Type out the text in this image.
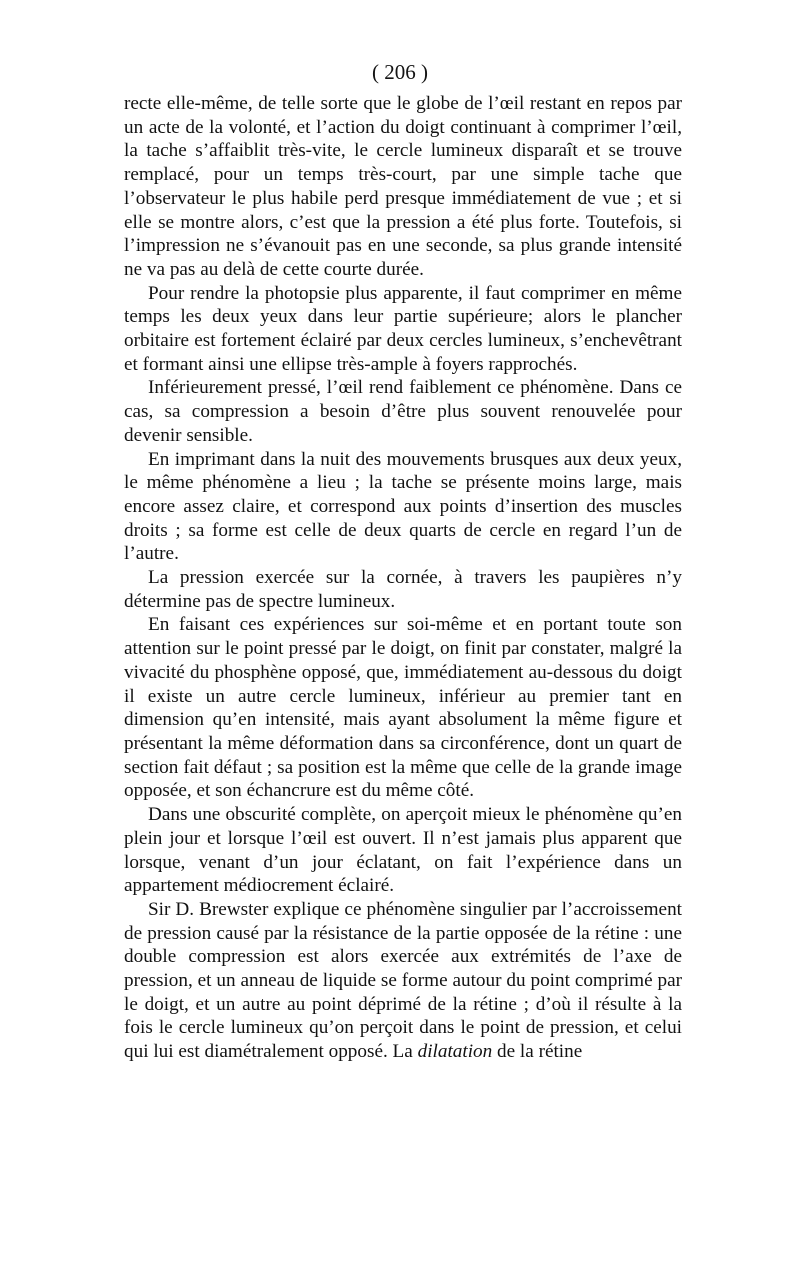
( 206 )

recte elle-même, de telle sorte que le globe de l’œil restant en repos par un acte de la volonté, et l’action du doigt continuant à comprimer l’œil, la tache s’affaiblit très-vite, le cercle lumineux disparaît et se trouve remplacé, pour un temps très-court, par une simple tache que l’observateur le plus habile perd presque immédiatement de vue ; et si elle se montre alors, c’est que la pression a été plus forte. Toutefois, si l’impression ne s’évanouit pas en une seconde, sa plus grande intensité ne va pas au delà de cette courte durée.

Pour rendre la photopsie plus apparente, il faut comprimer en même temps les deux yeux dans leur partie supérieure; alors le plancher orbitaire est fortement éclairé par deux cercles lumineux, s’enchevêtrant et formant ainsi une ellipse très-ample à foyers rapprochés.

Inférieurement pressé, l’œil rend faiblement ce phénomène. Dans ce cas, sa compression a besoin d’être plus souvent renouvelée pour devenir sensible.

En imprimant dans la nuit des mouvements brusques aux deux yeux, le même phénomène a lieu ; la tache se présente moins large, mais encore assez claire, et correspond aux points d’insertion des muscles droits ; sa forme est celle de deux quarts de cercle en regard l’un de l’autre.

La pression exercée sur la cornée, à travers les paupières n’y détermine pas de spectre lumineux.

En faisant ces expériences sur soi-même et en portant toute son attention sur le point pressé par le doigt, on finit par constater, malgré la vivacité du phosphène opposé, que, immédiatement au-dessous du doigt il existe un autre cercle lumineux, inférieur au premier tant en dimension qu’en intensité, mais ayant absolument la même figure et présentant la même déformation dans sa circonférence, dont un quart de section fait défaut ; sa position est la même que celle de la grande image opposée, et son échancrure est du même côté.

Dans une obscurité complète, on aperçoit mieux le phénomène qu’en plein jour et lorsque l’œil est ouvert. Il n’est jamais plus apparent que lorsque, venant d’un jour éclatant, on fait l’expérience dans un appartement médiocrement éclairé.

Sir D. Brewster explique ce phénomène singulier par l’accroissement de pression causé par la résistance de la partie opposée de la rétine : une double compression est alors exercée aux extrémités de l’axe de pression, et un anneau de liquide se forme autour du point comprimé par le doigt, et un autre au point déprimé de la rétine ; d’où il résulte à la fois le cercle lumineux qu’on perçoit dans le point de pression, et celui qui lui est diamétralement opposé. La dilatation de la rétine
